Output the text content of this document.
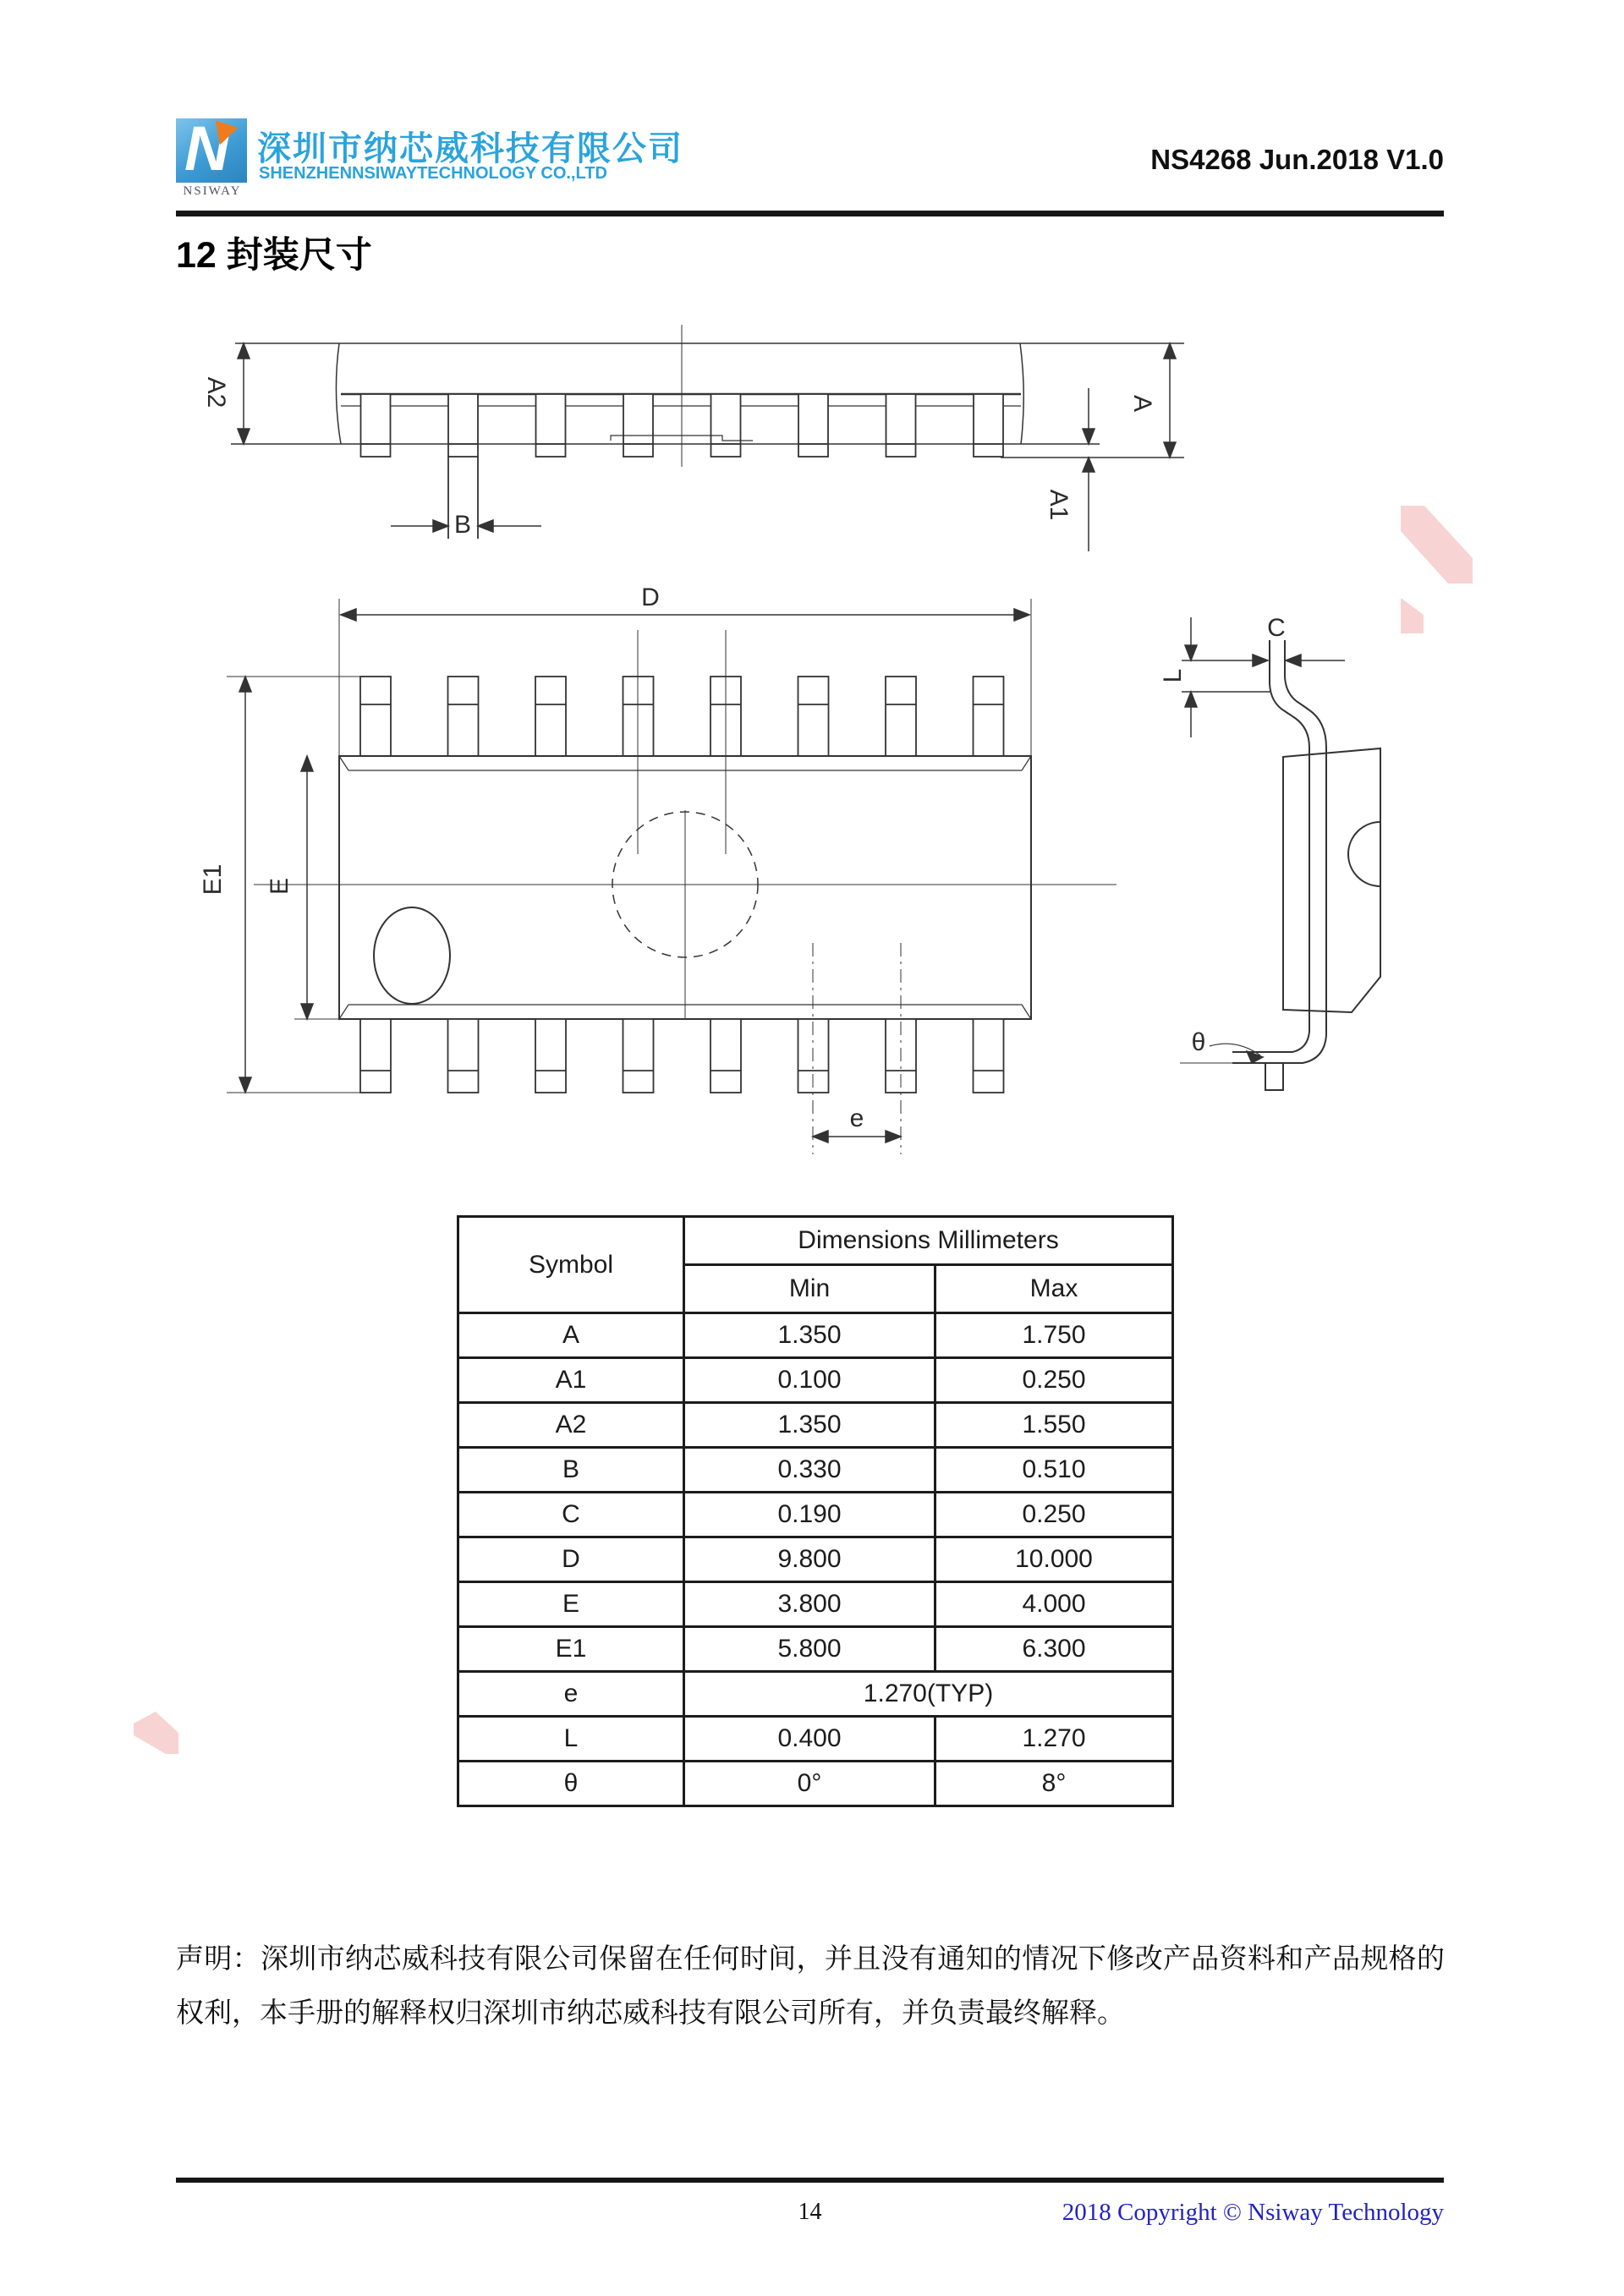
A2	A
A1
B
D
E1 E
e
C
L
θ
N
NSIWAY
深圳市纳芯威科技有限公司
SHENZHENNSIWAYTECHNOLOGY CO.,LTD	NS4268 Jun.2018 V1.0
12 封装尺寸
Symbol	Dimensions Millimeters	
	Min	Max
A	1.350	1.750
A1	0.100	0.250
A2	1.350	1.550
B	0.330	0.510
C	0.190	0.250
D	9.800	10.000
E	3.800	4.000
E1	5.800	6.300
e	1.270(TYP)	
L	0.400	1.270
θ	0°	8°
声明：深圳市纳芯威科技有限公司保留在任何时间，并且没有通知的情况下修改产品资料和产品规格的权利，本手册的解释权归深圳市纳芯威科技有限公司所有，并负责最终解释。
14	2018 Copyright © Nsiway Technology
